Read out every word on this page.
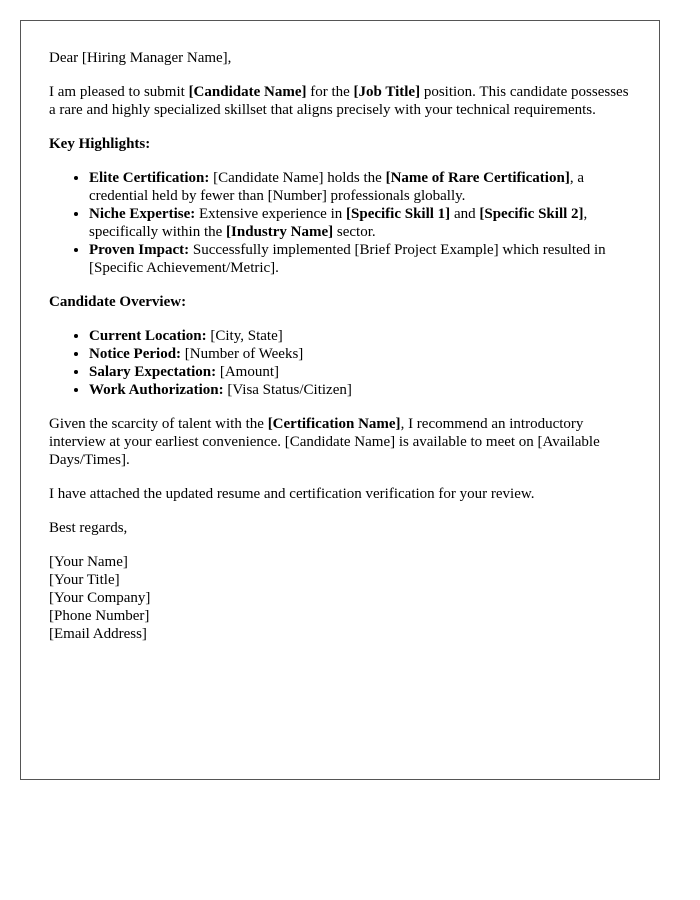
Dear [Hiring Manager Name],

I am pleased to submit [Candidate Name] for the [Job Title] position. This candidate possesses a rare and highly specialized skillset that aligns precisely with your technical requirements.

Key Highlights:
• Elite Certification: [Candidate Name] holds the [Name of Rare Certification], a credential held by fewer than [Number] professionals globally.
• Niche Expertise: Extensive experience in [Specific Skill 1] and [Specific Skill 2], specifically within the [Industry Name] sector.
• Proven Impact: Successfully implemented [Brief Project Example] which resulted in [Specific Achievement/Metric].
Candidate Overview:
• Current Location: [City, State]
• Notice Period: [Number of Weeks]
• Salary Expectation: [Amount]
• Work Authorization: [Visa Status/Citizen]

Given the scarcity of talent with the [Certification Name], I recommend an introductory interview at your earliest convenience. [Candidate Name] is available to meet on [Available Days/Times].

I have attached the updated resume and certification verification for your review.

Best regards,

[Your Name]
[Your Title]
[Your Company]
[Phone Number]
[Email Address]
